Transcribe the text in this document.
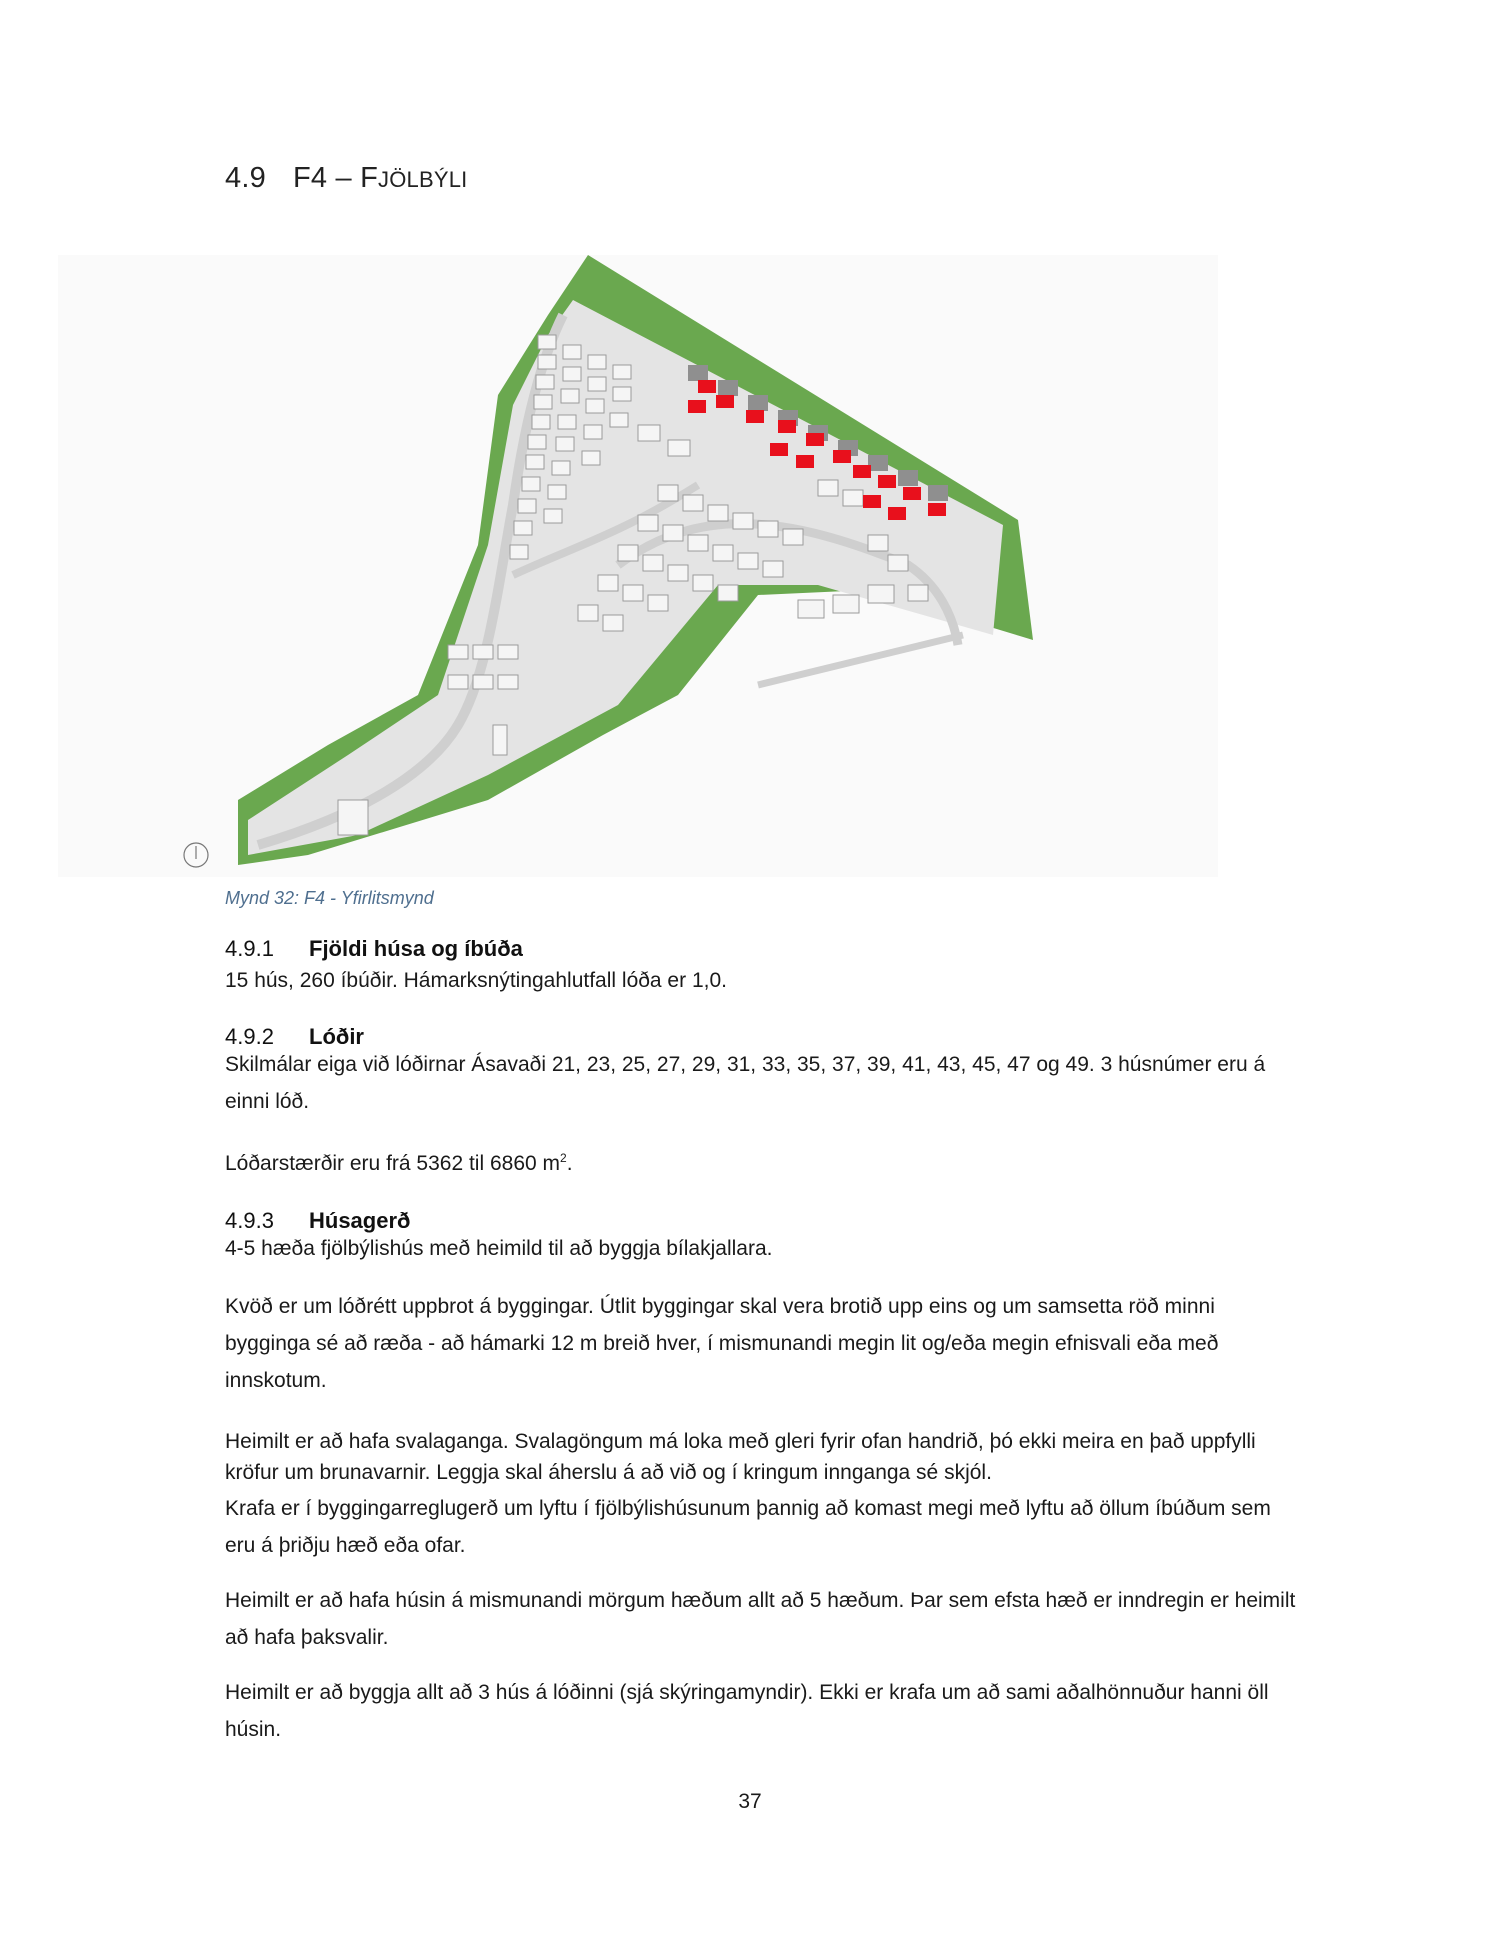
4.9 F4 – FJÖLBÝLI
Mynd 32: F4 - Yfirlitsmynd
4.9.1 Fjöldi húsa og íbúða
15 hús, 260 íbúðir. Hámarksnýtingahlutfall lóða er 1,0.
4.9.2 Lóðir
Skilmálar eiga við lóðirnar Ásavaði 21, 23, 25, 27, 29, 31, 33, 35, 37, 39, 41, 43, 45, 47 og 49. 3 húsnúmer eru á einni lóð.
Lóðarstærðir eru frá 5362 til 6860 $m^2$.
4.9.3 Húsagerð
4-5 hæða fjölbýlishús með heimild til að byggja bílakjallara.
Kvöð er um lóðrétt uppbrot á byggingar. Útlit byggingar skal vera brotið upp eins og um samsetta röð minni bygginga sé að ræða - að hámarki 12 m breið hver, í mismunandi megin lit og/eða megin efnisvali eða með innskotum.
Heimilt er að hafa svalaganga. Svalagöngum má loka með gleri fyrir ofan handrið, þó ekki meira en það uppfylli kröfur um brunavarnir. Leggja skal áherslu á að við og í kringum innganga sé skjól.
Krafa er í byggingarreglugerð um lyftu í fjölbýlishúsunum þannig að komast megi með lyftu að öllum íbúðum sem eru á þriðju hæð eða ofar.
Heimilt er að hafa húsin á mismunandi mörgum hæðum allt að 5 hæðum. Þar sem efsta hæð er inndregin er heimilt að hafa þaksvalir.
Heimilt er að byggja allt að 3 hús á lóðinni (sjá skýringamyndir). Ekki er krafa um að sami aðalhönnuður hanni öll húsin.
37
